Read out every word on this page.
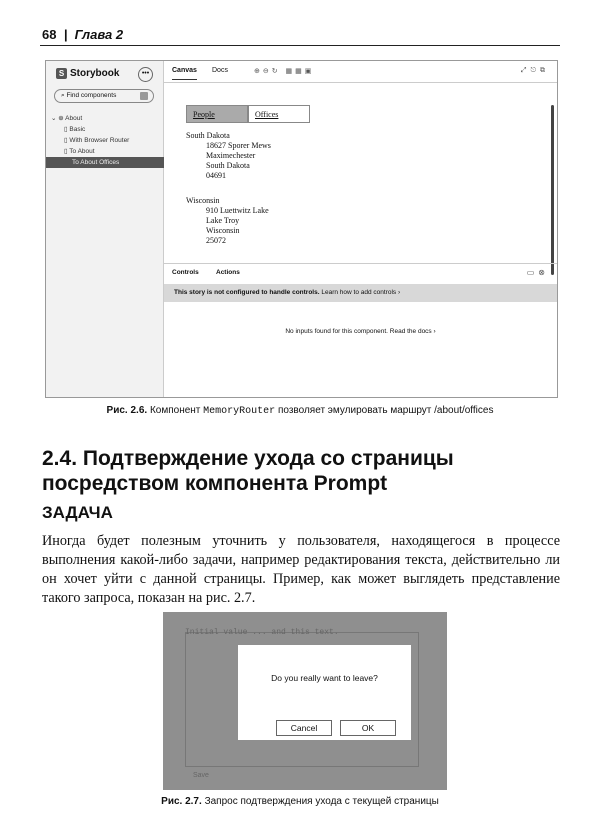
68  |  Глава 2
S Storybook	•••
⌕ Find components
⌄ ⊕ About
▯ Basic
▯ With Browser Router
▯ To About
To About Offices
Canvas Docs	⊕⊖↻ ▦▦▣	⤢⎋⧉
People	Offices
South Dakota
18627 Sporer Mews
Maximechester
South Dakota
04691
Wisconsin
910 Luettwitz Lake
Lake Troy
Wisconsin
25072
Controls	Actions	▭⊗
This story is not configured to handle controls. Learn how to add controls ›
No inputs found for this component. Read the docs ›
Рис. 2.6. Компонент MemoryRouter позволяет эмулировать маршрут /about/offices
2.4. Подтверждение ухода со страницы
посредством компонента Prompt
ЗАДАЧА
Иногда будет полезным уточнить у пользователя, находящегося в процессе выполнения какой-либо задачи, например редактирования текста, действительно ли он хочет уйти с данной страницы. Пример, как может выглядеть представление такого запроса, показан на рис. 2.7.
Initial value ... and this text.
Save
Do you really want to leave?
Cancel	OK
Рис. 2.7. Запрос подтверждения ухода с текущей страницы
